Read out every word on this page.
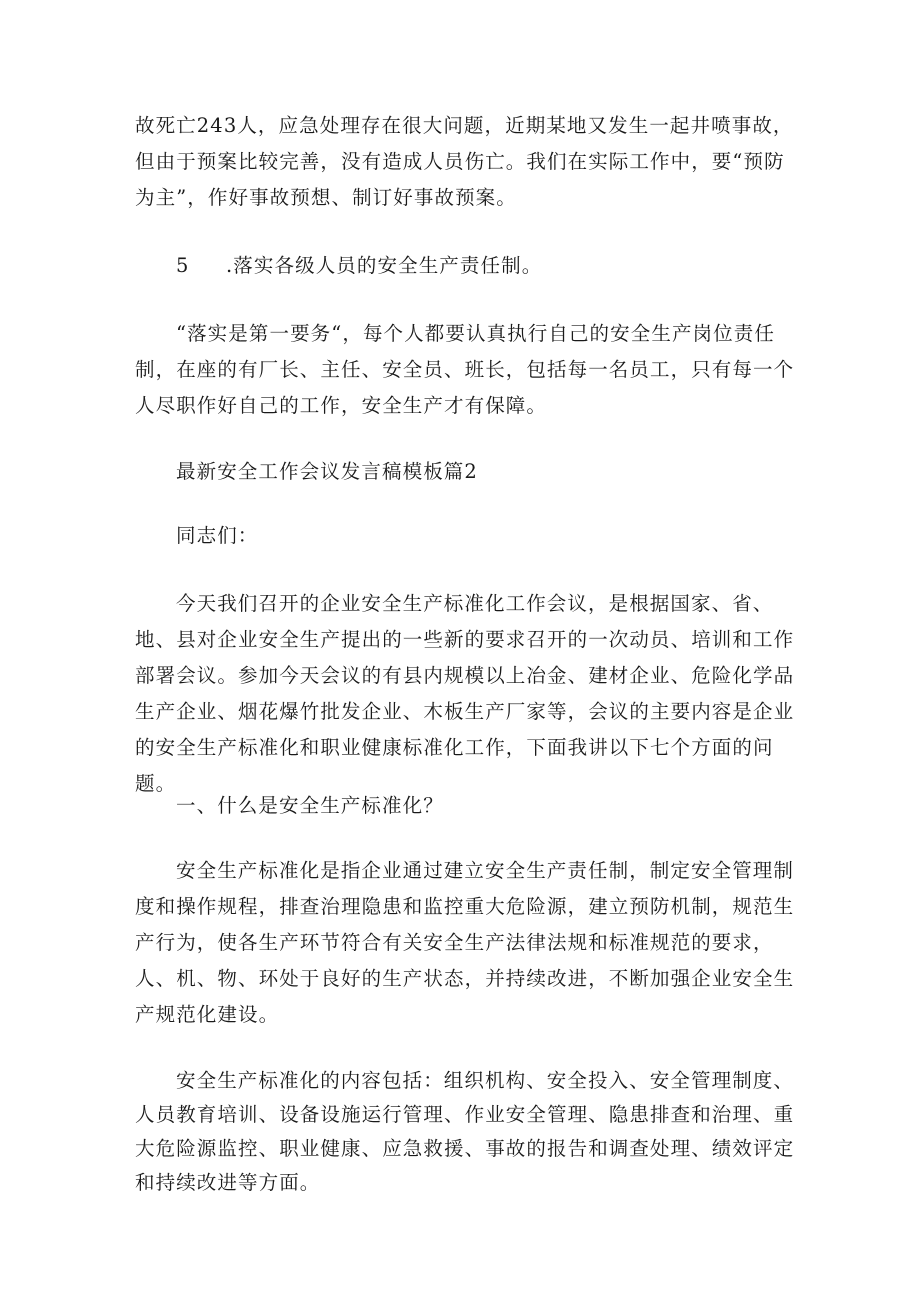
故死亡243人，应急处理存在很大问题，近期某地又发生一起井喷事故，但由于预案比较完善，没有造成人员伤亡。我们在实际工作中，要“预防为主”，作好事故预想、制订好事故预案。

5 .落实各级人员的安全生产责任制。

“落实是第一要务“，每个人都要认真执行自己的安全生产岗位责任制，在座的有厂长、主任、安全员、班长，包括每一名员工，只有每一个人尽职作好自己的工作，安全生产才有保障。

最新安全工作会议发言稿模板篇2

同志们：

今天我们召开的企业安全生产标准化工作会议，是根据国家、省、地、县对企业安全生产提出的一些新的要求召开的一次动员、培训和工作部署会议。参加今天会议的有县内规模以上冶金、建材企业、危险化学品生产企业、烟花爆竹批发企业、木板生产厂家等，会议的主要内容是企业的安全生产标准化和职业健康标准化工作，下面我讲以下七个方面的问题。

一、什么是安全生产标准化？

安全生产标准化是指企业通过建立安全生产责任制，制定安全管理制度和操作规程，排查治理隐患和监控重大危险源，建立预防机制，规范生产行为，使各生产环节符合有关安全生产法律法规和标准规范的要求，人、机、物、环处于良好的生产状态，并持续改进，不断加强企业安全生产规范化建设。

安全生产标准化的内容包括：组织机构、安全投入、安全管理制度、人员教育培训、设备设施运行管理、作业安全管理、隐患排查和治理、重大危险源监控、职业健康、应急救援、事故的报告和调查处理、绩效评定和持续改进等方面。
